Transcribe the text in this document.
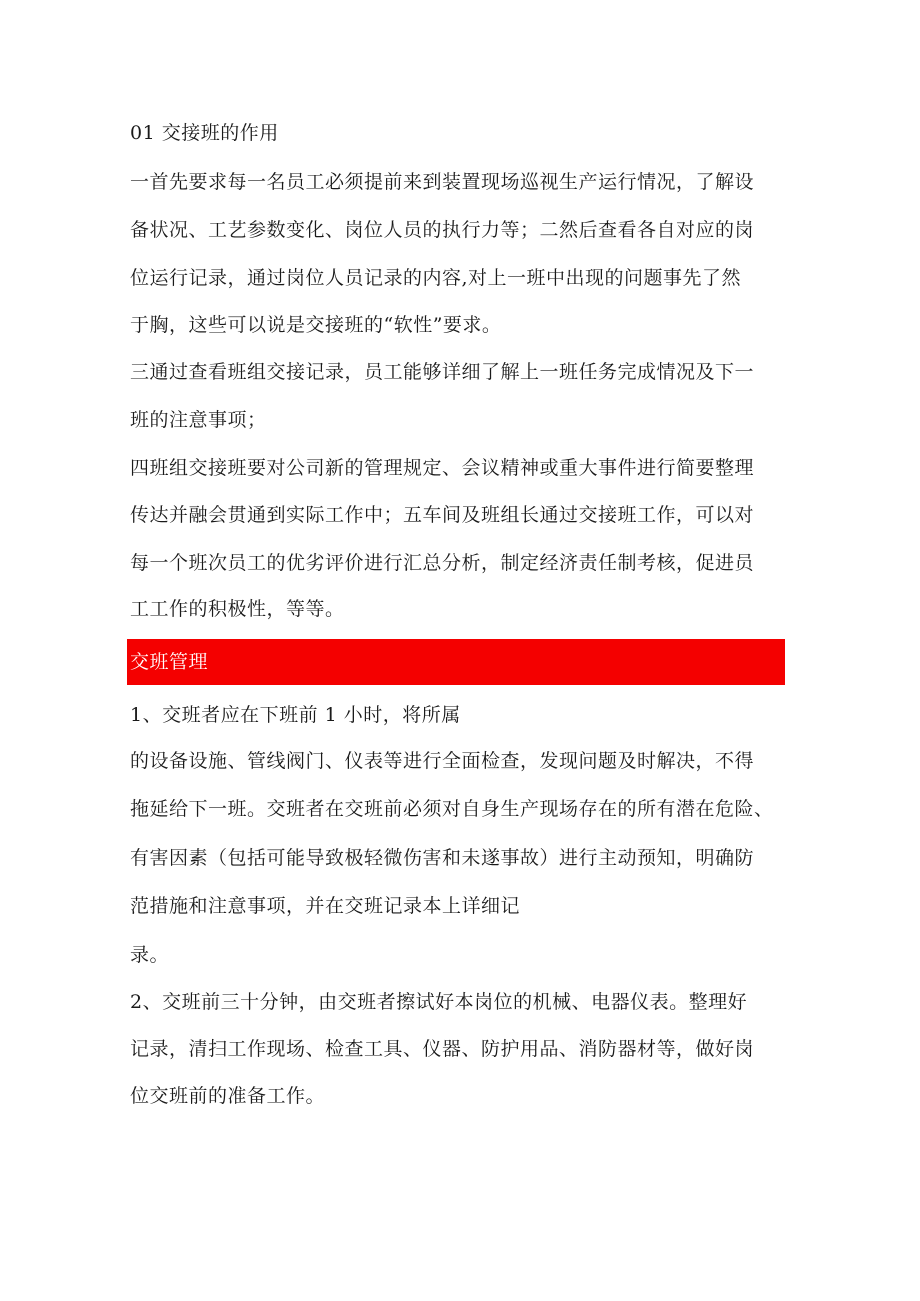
01 交接班的作用
一首先要求每一名员工必须提前来到装置现场巡视生产运行情况，了解设
备状况、工艺参数变化、岗位人员的执行力等；二然后查看各自对应的岗
位运行记录，通过岗位人员记录的内容,对上一班中出现的问题事先了然
于胸，这些可以说是交接班的“软性”要求。
三通过查看班组交接记录，员工能够详细了解上一班任务完成情况及下一
班的注意事项；
四班组交接班要对公司新的管理规定、会议精神或重大事件进行简要整理
传达并融会贯通到实际工作中；五车间及班组长通过交接班工作，可以对
每一个班次员工的优劣评价进行汇总分析，制定经济责任制考核，促进员
工工作的积极性，等等。
交班管理
1、交班者应在下班前 1 小时，将所属
的设备设施、管线阀门、仪表等进行全面检查，发现问题及时解决，不得
拖延给下一班。交班者在交班前必须对自身生产现场存在的所有潜在危险、
有害因素（包括可能导致极轻微伤害和未遂事故）进行主动预知，明确防
范措施和注意事项，并在交班记录本上详细记
录。
2、交班前三十分钟，由交班者擦试好本岗位的机械、电器仪表。整理好
记录，清扫工作现场、检查工具、仪器、防护用品、消防器材等，做好岗
位交班前的准备工作。
